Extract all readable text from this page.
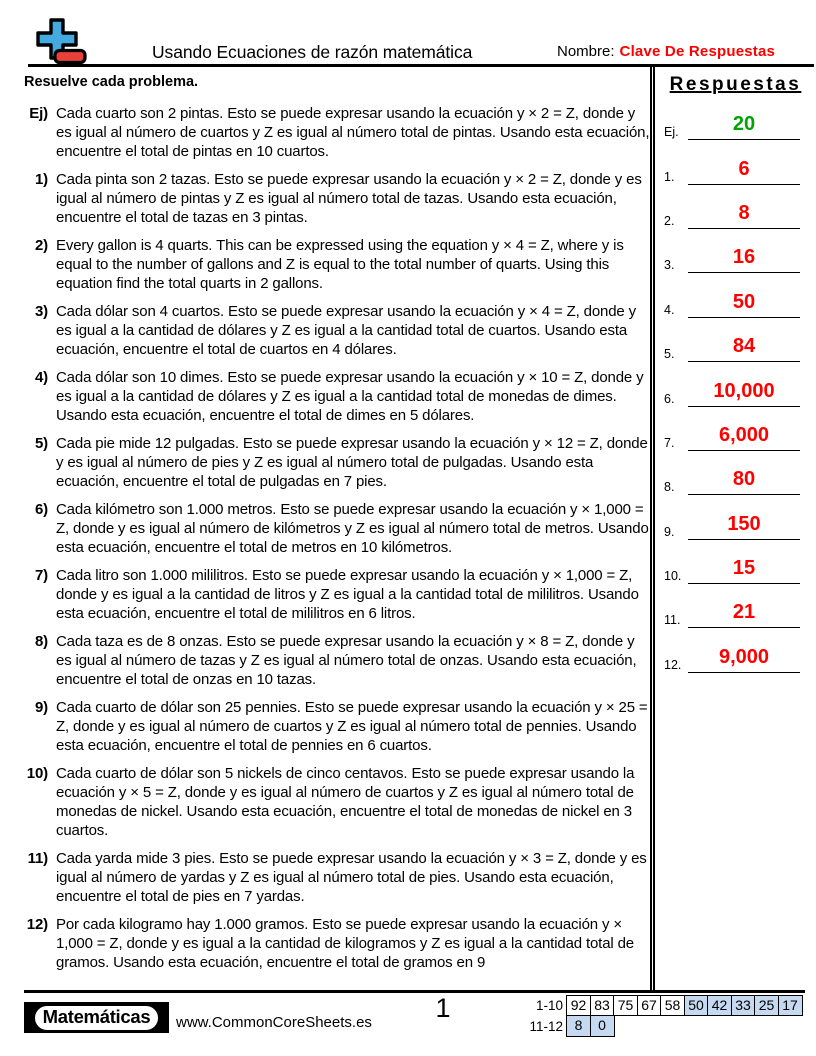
Usando Ecuaciones de razón matemática	Nombre: Clave De Respuestas
Resuelve cada problema.
Ej) Cada cuarto son 2 pintas. Esto se puede expresar usando la ecuación y × 2 = Z, donde y es igual al número de cuartos y Z es igual al número total de pintas. Usando esta ecuación, encuentre el total de pintas en 10 cuartos.
1) Cada pinta son 2 tazas. Esto se puede expresar usando la ecuación y × 2 = Z, donde y es igual al número de pintas y Z es igual al número total de tazas. Usando esta ecuación, encuentre el total de tazas en 3 pintas.
2) Every gallon is 4 quarts. This can be expressed using the equation y × 4 = Z, where y is equal to the number of gallons and Z is equal to the total number of quarts. Using this equation find the total quarts in 2 gallons.
3) Cada dólar son 4 cuartos. Esto se puede expresar usando la ecuación y × 4 = Z, donde y es igual a la cantidad de dólares y Z es igual a la cantidad total de cuartos. Usando esta ecuación, encuentre el total de cuartos en 4 dólares.
4) Cada dólar son 10 dimes. Esto se puede expresar usando la ecuación y × 10 = Z, donde y es igual a la cantidad de dólares y Z es igual a la cantidad total de monedas de dimes. Usando esta ecuación, encuentre el total de dimes en 5 dólares.
5) Cada pie mide 12 pulgadas. Esto se puede expresar usando la ecuación y × 12 = Z, donde y es igual al número de pies y Z es igual al número total de pulgadas. Usando esta ecuación, encuentre el total de pulgadas en 7 pies.
6) Cada kilómetro son 1.000 metros. Esto se puede expresar usando la ecuación y × 1,000 = Z, donde y es igual al número de kilómetros y Z es igual al número total de metros. Usando esta ecuación, encuentre el total de metros en 10 kilómetros.
7) Cada litro son 1.000 mililitros. Esto se puede expresar usando la ecuación y × 1,000 = Z, donde y es igual a la cantidad de litros y Z es igual a la cantidad total de mililitros. Usando esta ecuación, encuentre el total de mililitros en 6 litros.
8) Cada taza es de 8 onzas. Esto se puede expresar usando la ecuación y × 8 = Z, donde y es igual al número de tazas y Z es igual al número total de onzas. Usando esta ecuación, encuentre el total de onzas en 10 tazas.
9) Cada cuarto de dólar son 25 pennies. Esto se puede expresar usando la ecuación y × 25 = Z, donde y es igual al número de cuartos y Z es igual al número total de pennies. Usando esta ecuación, encuentre el total de pennies en 6 cuartos.
10) Cada cuarto de dólar son 5 nickels de cinco centavos. Esto se puede expresar usando la ecuación y × 5 = Z, donde y es igual al número de cuartos y Z es igual al número total de monedas de nickel. Usando esta ecuación, encuentre el total de monedas de nickel en 3 cuartos.
11) Cada yarda mide 3 pies. Esto se puede expresar usando la ecuación y × 3 = Z, donde y es igual al número de yardas y Z es igual al número total de pies. Usando esta ecuación, encuentre el total de pies en 7 yardas.
12) Por cada kilogramo hay 1.000 gramos. Esto se puede expresar usando la ecuación y × 1,000 = Z, donde y es igual a la cantidad de kilogramos y Z es igual a la cantidad total de gramos. Usando esta ecuación, encuentre el total de gramos en 9
Respuestas
Ej.	20
1.	6
2.	8
3.	16
4.	50
5.	84
6.	10,000
7.	6,000
8.	80
9.	150
10.	15
11.	21
12.	9,000
Matemáticas	www.CommonCoreSheets.es	1	1-10 92 83 75 67 58 50 42 33 25 17
11-12 8	0
